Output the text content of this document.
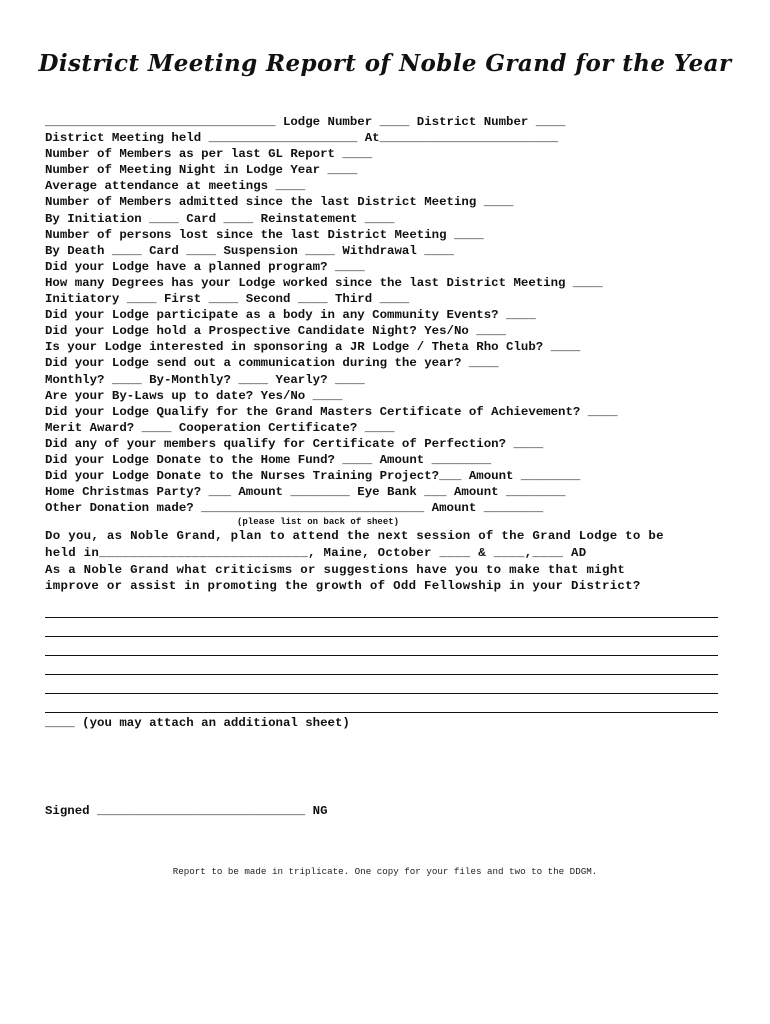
District Meeting Report of Noble Grand for the Year
_______________________________ Lodge Number ____ District Number ____
District Meeting held ____________________ At________________________
Number of Members as per last GL Report ____
Number of Meeting Night in Lodge Year ____
Average attendance at meetings ____
Number of Members admitted since the last District Meeting ____
By Initiation ____ Card ____ Reinstatement ____
Number of persons lost since the last District Meeting ____
By Death ____ Card ____ Suspension ____ Withdrawal ____
Did your Lodge have a planned program? ____
How many Degrees has your Lodge worked since the last District Meeting ____
Initiatory ____ First ____ Second ____ Third ____
Did your Lodge participate as a body in any Community Events? ____
Did your Lodge hold a Prospective Candidate Night? Yes/No ____
Is your Lodge interested in sponsoring a JR Lodge / Theta Rho Club? ____
Did your Lodge send out a communication during the year? ____
Monthly? ____ By-Monthly? ____ Yearly? ____
Are your By-Laws up to date? Yes/No ____
Did your Lodge Qualify for the Grand Masters Certificate of Achievement? ____
Merit Award? ____ Cooperation Certificate? ____
Did any of your members qualify for Certificate of Perfection? ____
Did your Lodge Donate to the Home Fund? ____ Amount ________
Did your Lodge Donate to the Nurses Training Project?___ Amount ________
Home Christmas Party? ___ Amount ________ Eye Bank ___ Amount ________
Other Donation made? ______________________________ Amount ________
(please list on back of sheet)
Do you, as Noble Grand, plan to attend the next session of the Grand Lodge to be
held in___________________________, Maine, October ____ & ____,____ AD
As a Noble Grand what criticisms or suggestions have you to make that might
improve or assist in promoting the growth of Odd Fellowship in your District?
____ (you may attach an additional sheet)
Signed ____________________________ NG
Report to be made in triplicate. One copy for your files and two to the DDGM.
